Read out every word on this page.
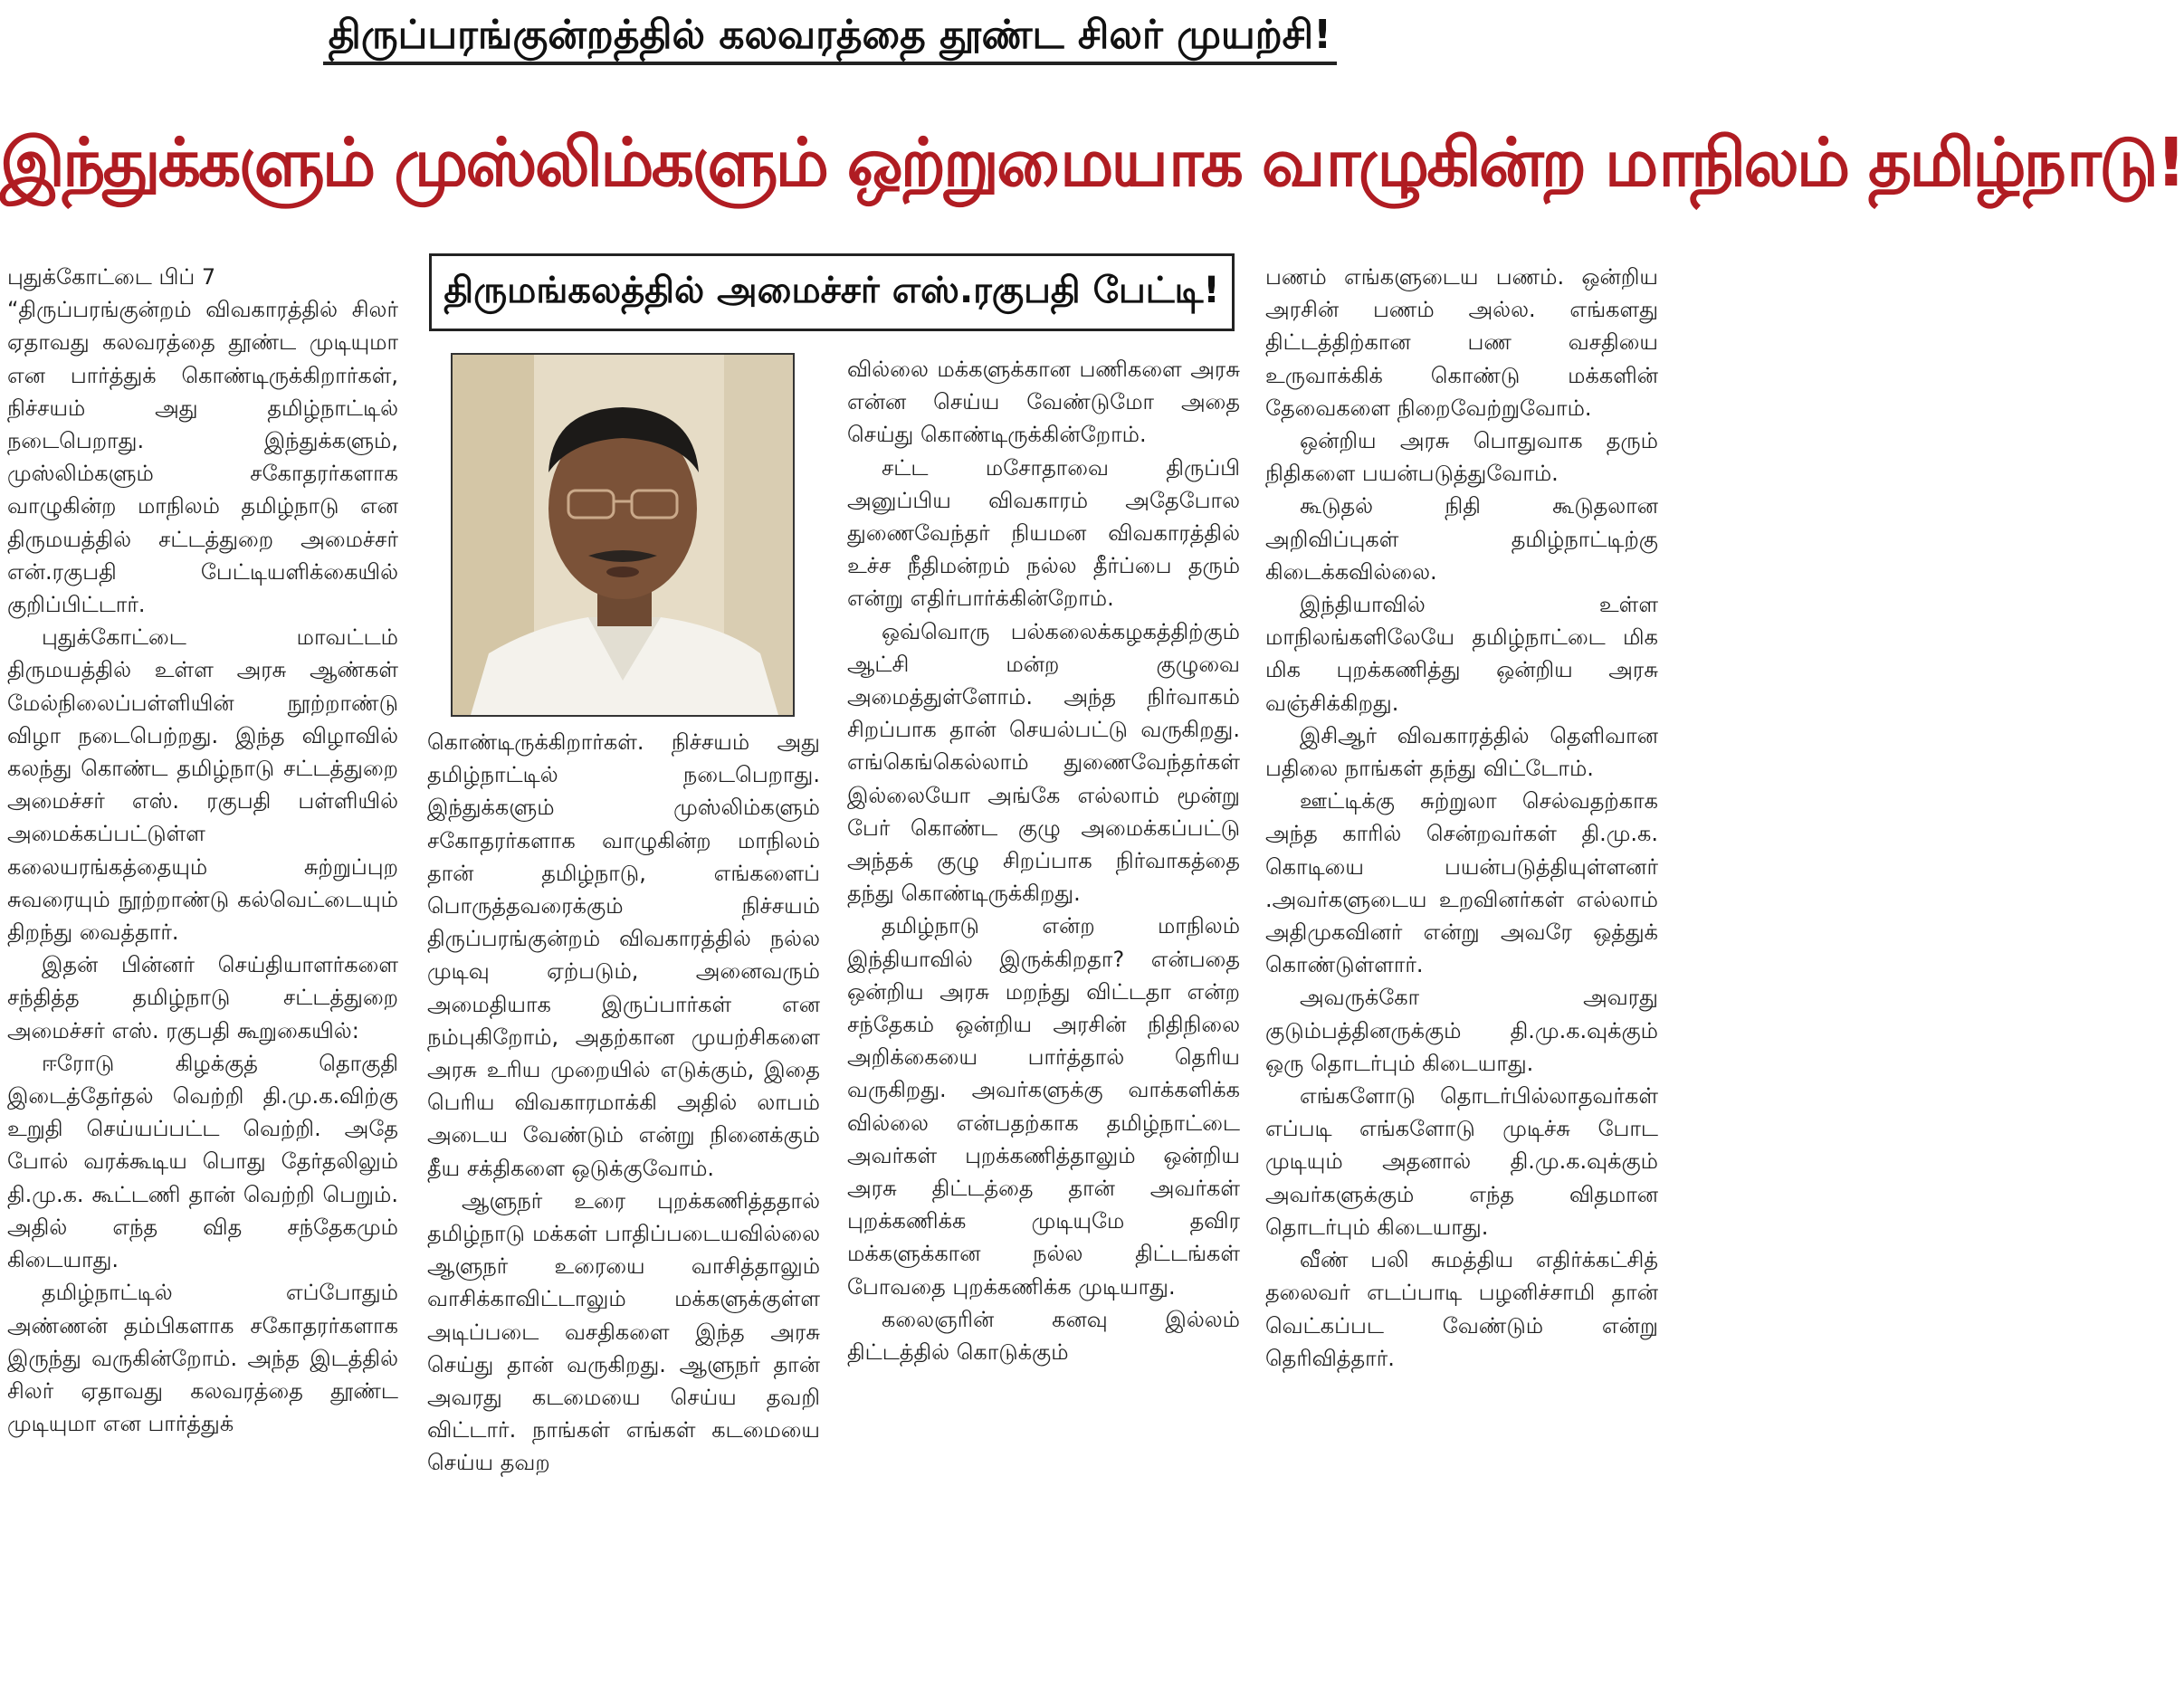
திருப்பரங்குன்றத்தில் கலவரத்தை தூண்ட சிலர் முயற்சி!
இந்துக்களும் முஸ்லிம்களும் ஒற்றுமையாக வாழுகின்ற மாநிலம் தமிழ்நாடு!

புதுக்கோட்டை பிப் 7

“திருப்பரங்குன்றம் விவகாரத்தில் சிலர் ஏதாவது கலவரத்தை தூண்ட முடியுமா என பார்த்துக் கொண்டிருக்கிறார்கள், நிச்சயம் அது தமிழ்நாட்டில் நடைபெறாது. இந்துக்களும், முஸ்லிம்களும் சகோதரர்களாக வாழுகின்ற மாநிலம் தமிழ்நாடு என திருமயத்தில் சட்டத்துறை அமைச்சர் என்.ரகுபதி பேட்டியளிக்கையில் குறிப்பிட்டார்.

புதுக்கோட்டை மாவட்டம் திருமயத்தில் உள்ள அரசு ஆண்கள் மேல்நிலைப்பள்ளியின் நூற்றாண்டு விழா நடைபெற்றது. இந்த விழாவில் கலந்து கொண்ட தமிழ்நாடு சட்டத்துறை அமைச்சர் எஸ். ரகுபதி பள்ளியில் அமைக்கப்பட்டுள்ள கலையரங்கத்தையும் சுற்றுப்புற சுவரையும் நூற்றாண்டு கல்வெட்டையும் திறந்து வைத்தார்.

இதன் பின்னர் செய்தியாளர்களை சந்தித்த தமிழ்நாடு சட்டத்துறை அமைச்சர் எஸ். ரகுபதி கூறுகையில்:

ஈரோடு கிழக்குத் தொகுதி இடைத்தேர்தல் வெற்றி தி.மு.க.விற்கு உறுதி செய்யப்பட்ட வெற்றி. அதே போல் வரக்கூடிய பொது தேர்தலிலும் தி.மு.க. கூட்டணி தான் வெற்றி பெறும். அதில் எந்த வித சந்தேகமும் கிடையாது.

தமிழ்நாட்டில் எப்போதும் அண்ணன் தம்பிகளாக சகோதரர்களாக இருந்து வருகின்றோம். அந்த இடத்தில் சிலர் ஏதாவது கலவரத்தை தூண்ட முடியுமா என பார்த்துக்

திருமங்கலத்தில் அமைச்சர் எஸ்.ரகுபதி பேட்டி!

கொண்டிருக்கிறார்கள். நிச்சயம் அது தமிழ்நாட்டில் நடைபெறாது. இந்துக்களும் முஸ்லிம்களும் சகோதரர்களாக வாழுகின்ற மாநிலம் தான் தமிழ்நாடு, எங்களைப் பொருத்தவரைக்கும் நிச்சயம் திருப்பரங்குன்றம் விவகாரத்தில் நல்ல முடிவு ஏற்படும், அனைவரும் அமைதியாக இருப்பார்கள் என நம்புகிறோம், அதற்கான முயற்சிகளை அரசு உரிய முறையில் எடுக்கும், இதை பெரிய விவகாரமாக்கி அதில் லாபம் அடைய வேண்டும் என்று நினைக்கும் தீய சக்திகளை ஒடுக்குவோம்.

ஆளுநர் உரை புறக்கணித்ததால் தமிழ்நாடு மக்கள் பாதிப்படையவில்லை ஆளுநர் உரையை வாசித்தாலும் வாசிக்காவிட்டாலும் மக்களுக்குள்ள அடிப்படை வசதிகளை இந்த அரசு செய்து தான் வருகிறது. ஆளுநர் தான் அவரது கடமையை செய்ய தவறி விட்டார். நாங்கள் எங்கள் கடமையை செய்ய தவற

வில்லை மக்களுக்கான பணிகளை அரசு என்ன செய்ய வேண்டுமோ அதை செய்து கொண்டிருக்கின்றோம்.

சட்ட மசோதாவை திருப்பி அனுப்பிய விவகாரம் அதேபோல துணைவேந்தர் நியமன விவகாரத்தில் உச்ச நீதிமன்றம் நல்ல தீர்ப்பை தரும் என்று எதிர்பார்க்கின்றோம்.

ஒவ்வொரு பல்கலைக்கழகத்திற்கும் ஆட்சி மன்ற குழுவை அமைத்துள்ளோம். அந்த நிர்வாகம் சிறப்பாக தான் செயல்பட்டு வருகிறது. எங்கெங்கெல்லாம் துணைவேந்தர்கள் இல்லையோ அங்கே எல்லாம் மூன்று பேர் கொண்ட குழு அமைக்கப்பட்டு அந்தக் குழு சிறப்பாக நிர்வாகத்தை தந்து கொண்டிருக்கிறது.

தமிழ்நாடு என்ற மாநிலம் இந்தியாவில் இருக்கிறதா? என்பதை ஒன்றிய அரசு மறந்து விட்டதா என்ற சந்தேகம் ஒன்றிய அரசின் நிதிநிலை அறிக்கையை பார்த்தால் தெரிய வருகிறது. அவர்களுக்கு வாக்களிக்க வில்லை என்பதற்காக தமிழ்நாட்டை அவர்கள் புறக்கணித்தாலும் ஒன்றிய அரசு திட்டத்தை தான் அவர்கள் புறக்கணிக்க முடியுமே தவிர மக்களுக்கான நல்ல திட்டங்கள் போவதை புறக்கணிக்க முடியாது.

கலைஞரின் கனவு இல்லம் திட்டத்தில் கொடுக்கும்

பணம் எங்களுடைய பணம். ஒன்றிய அரசின் பணம் அல்ல. எங்களது திட்டத்திற்கான பண வசதியை உருவாக்கிக் கொண்டு மக்களின் தேவைகளை நிறைவேற்றுவோம்.

ஒன்றிய அரசு பொதுவாக தரும் நிதிகளை பயன்படுத்துவோம்.

கூடுதல் நிதி கூடுதலான அறிவிப்புகள் தமிழ்நாட்டிற்கு கிடைக்கவில்லை.

இந்தியாவில் உள்ள மாநிலங்களிலேயே தமிழ்நாட்டை மிக மிக புறக்கணித்து ஒன்றிய அரசு வஞ்சிக்கிறது.

இசிஆர் விவகாரத்தில் தெளிவான பதிலை நாங்கள் தந்து விட்டோம்.

ஊட்டிக்கு சுற்றுலா செல்வதற்காக அந்த காரில் சென்றவர்கள் தி.மு.க. கொடியை பயன்படுத்தியுள்ளனர் .அவர்களுடைய உறவினர்கள் எல்லாம் அதிமுகவினர் என்று அவரே ஒத்துக் கொண்டுள்ளார்.

அவருக்கோ அவரது குடும்பத்தினருக்கும் தி.மு.க.வுக்கும் ஒரு தொடர்பும் கிடையாது.

எங்களோடு தொடர்பில்லாதவர்கள் எப்படி எங்களோடு முடிச்சு போட முடியும் அதனால் தி.மு.க.வுக்கும் அவர்களுக்கும் எந்த விதமான தொடர்பும் கிடையாது.

வீண் பலி சுமத்திய எதிர்க்கட்சித் தலைவர் எடப்பாடி பழனிச்சாமி தான் வெட்கப்பட வேண்டும் என்று தெரிவித்தார்.
